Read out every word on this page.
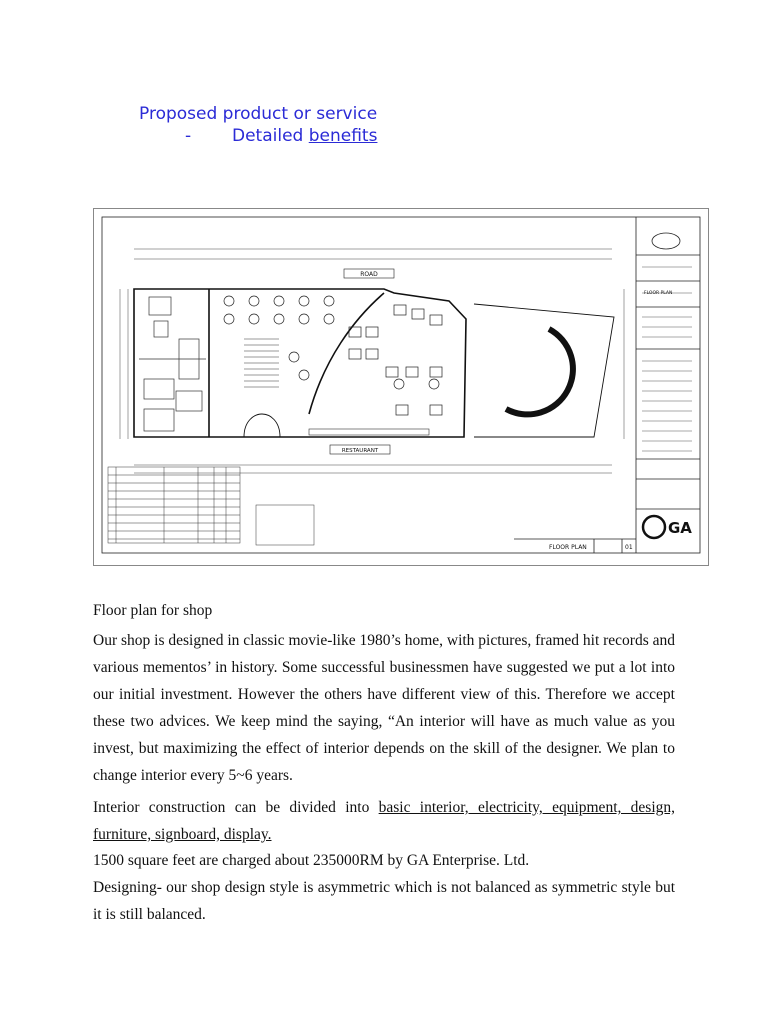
Proposed product or service
- Detailed benefits
GA
ROAD
RESTAURANT
FLOOR PLAN	01
FLOOR PLAN
Floor plan for shop

Our shop is designed in classic movie-like 1980’s home, with pictures, framed hit records and various mementos’ in history. Some successful businessmen have suggested we put a lot into our initial investment. However the others have different view of this. Therefore we accept these two advices. We keep mind the saying, “An interior will have as much value as you invest, but maximizing the effect of interior depends on the skill of the designer. We plan to change interior every 5~6 years.

Interior construction can be divided into basic interior, electricity, equipment, design, furniture, signboard, display.

1500 square feet are charged about 235000RM by GA Enterprise. Ltd.

Designing- our shop design style is asymmetric which is not balanced as symmetric style but it is still balanced.
